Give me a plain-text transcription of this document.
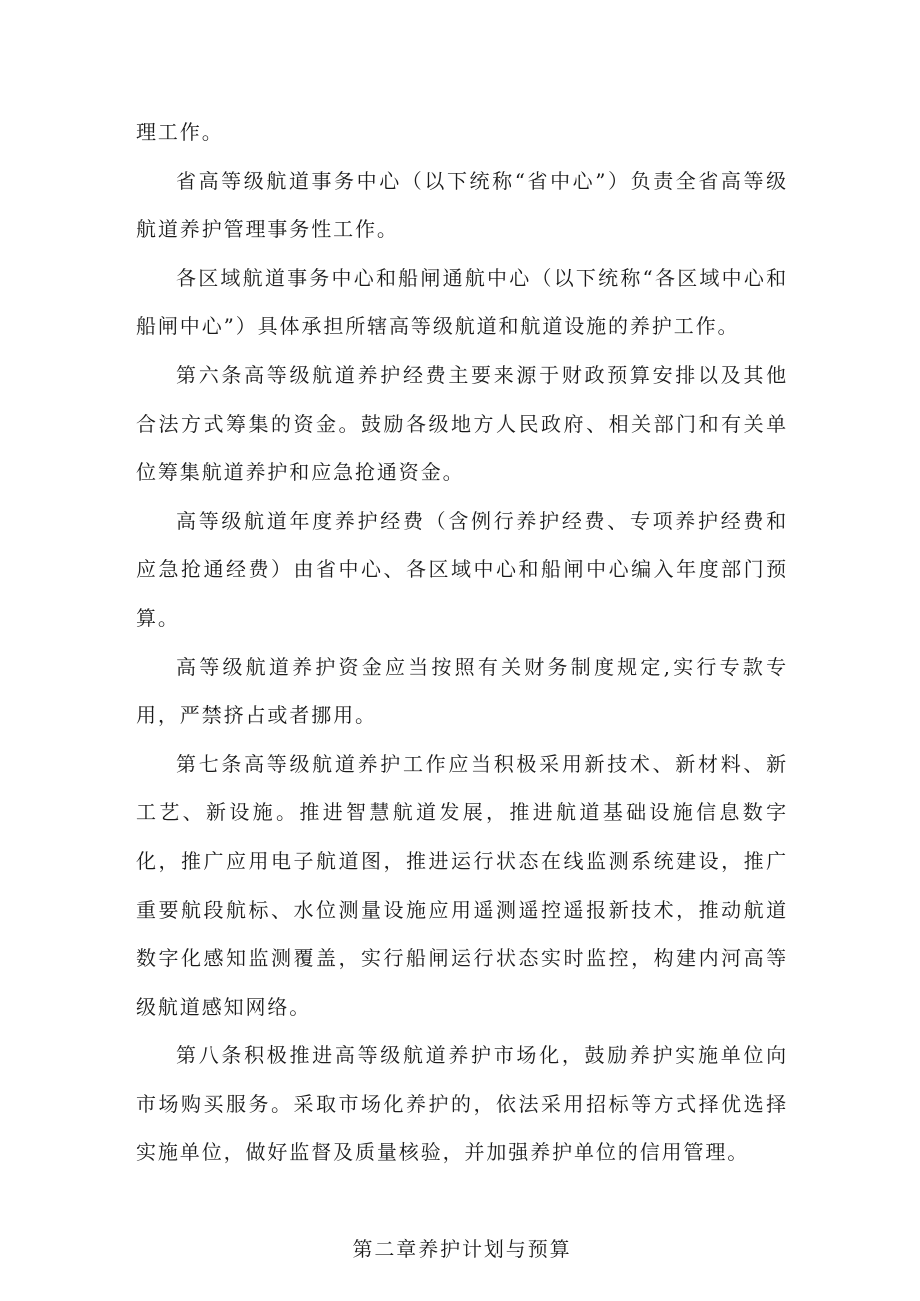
理工作。

省高等级航道事务中心（以下统称“省中心”）负责全省高等级航道养护管理事务性工作。

各区域航道事务中心和船闸通航中心（以下统称“各区域中心和船闸中心”）具体承担所辖高等级航道和航道设施的养护工作。

第六条高等级航道养护经费主要来源于财政预算安排以及其他合法方式筹集的资金。鼓励各级地方人民政府、相关部门和有关单位筹集航道养护和应急抢通资金。

高等级航道年度养护经费（含例行养护经费、专项养护经费和应急抢通经费）由省中心、各区域中心和船闸中心编入年度部门预算。

高等级航道养护资金应当按照有关财务制度规定,实行专款专用，严禁挤占或者挪用。

第七条高等级航道养护工作应当积极采用新技术、新材料、新工艺、新设施。推进智慧航道发展，推进航道基础设施信息数字化，推广应用电子航道图，推进运行状态在线监测系统建设，推广重要航段航标、水位测量设施应用遥测遥控遥报新技术，推动航道数字化感知监测覆盖，实行船闸运行状态实时监控，构建内河高等级航道感知网络。

第八条积极推进高等级航道养护市场化，鼓励养护实施单位向市场购买服务。采取市场化养护的，依法采用招标等方式择优选择实施单位，做好监督及质量核验，并加强养护单位的信用管理。

第二章养护计划与预算
